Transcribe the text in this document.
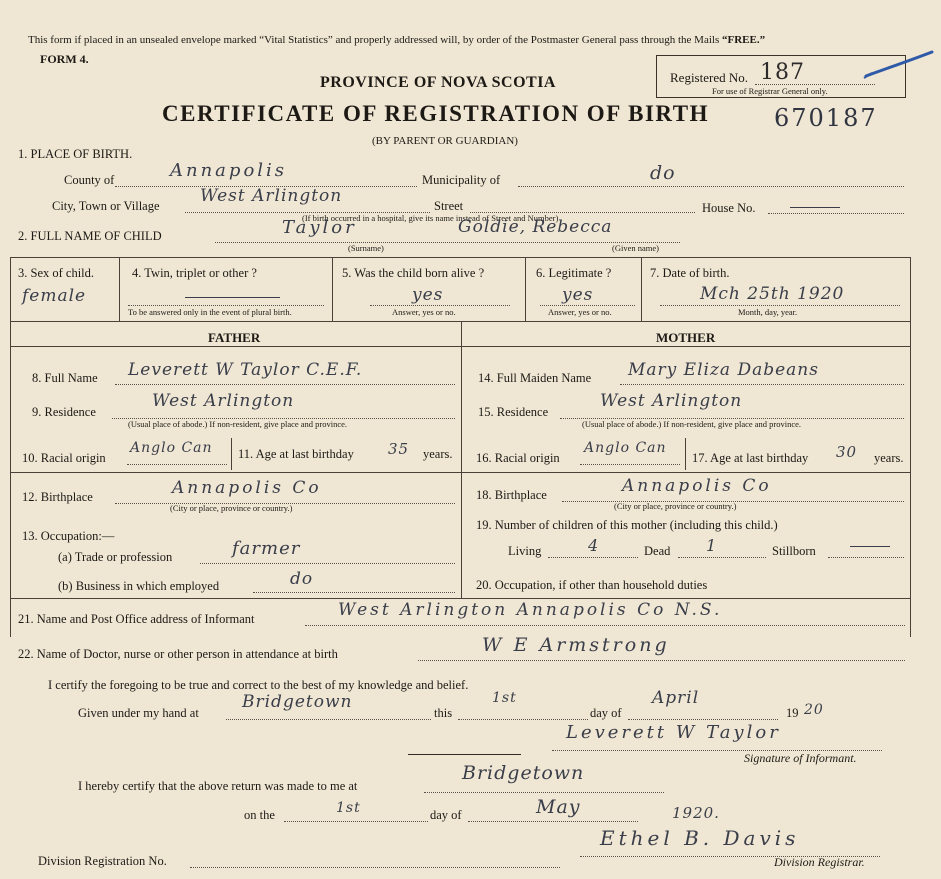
This form if placed in an unsealed envelope marked “Vital Statistics” and properly addressed will, by order of the Postmaster General pass through the Mails “FREE.”
FORM 4.
Registered No. 187
For use of Registrar General only.
PROVINCE OF NOVA SCOTIA
CERTIFICATE OF REGISTRATION OF BIRTH	670187
(BY PARENT OR GUARDIAN)
1. PLACE OF BIRTH.
County of	Annapolis	Municipality of	do
City, Town or Village West Arlington	Street	House No.
(If birth occurred in a hospital, give its name instead of Street and Number)
2. FULL NAME OF CHILD	Taylor	Goldie, Rebecca
(Surname)	(Given name)
3. Sex of child.
female
4. Twin, triplet or other ?
To be answered only in the event of plural birth.
5. Was the child born alive ?
yes
Answer, yes or no.
6. Legitimate ?
yes
Answer, yes or no.
7. Date of birth.
Mch 25th 1920
Month, day, year.
FATHER	MOTHER
8. Full Name Leverett W Taylor C.E.F.
9. Residence
West Arlington
(Usual place of abode.) If non-resident, give place and province.
10. Racial origin
Anglo Can 11. Age at last birthday 35 years.
12. Birthplace	Annapolis Co
(City or place, province or country.)
13. Occupation:—
(a) Trade or profession	farmer
(b) Business in which employed	do
14. Full Maiden Name Mary Eliza Dabeans
15. Residence
West Arlington
(Usual place of abode.) If non-resident, give place and province.
16. Racial origin
Anglo Can
17. Age at last birthday 30 years.
18. Birthplace	Annapolis Co
(City or place, province or country.)
19. Number of children of this mother (including this child.)
Living	4	Dead 1	Stillborn
20. Occupation, if other than household duties
21. Name and Post Office address of Informant	West Arlington Annapolis Co N.S.
22. Name of Doctor, nurse or other person in attendance at birth	W E Armstrong
I certify the foregoing to be true and correct to the best of my knowledge and belief.
Given under my hand at
Bridgetown
this
1st
day of
April
19 20
Leverett W Taylor
Signature of Informant.
I hereby certify that the above return was made to me at
Bridgetown
on the	1st	day of	May	1920.
Ethel B. Davis
Division Registration No.	Division Registrar.
